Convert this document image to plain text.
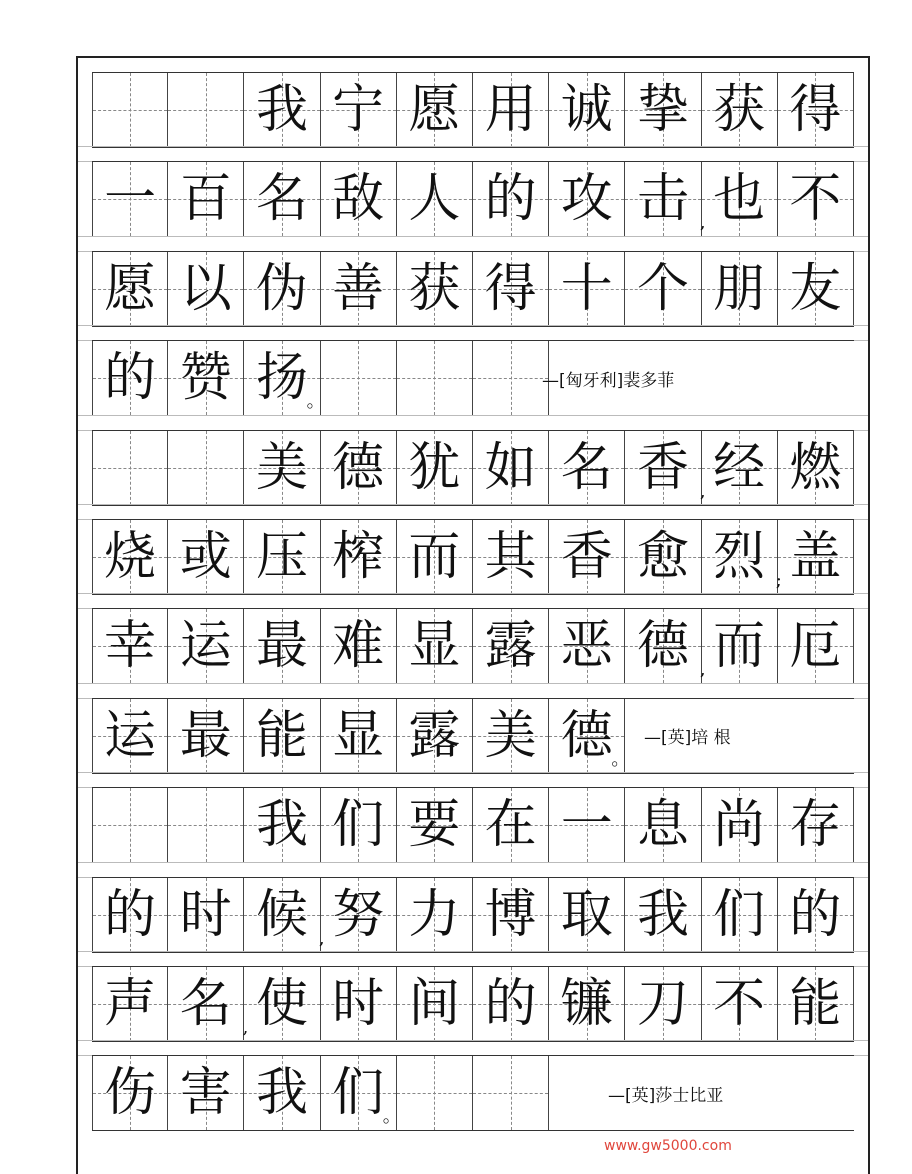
我 宁 愿 用 诚 挚 获 得
一 百 名 敌 人 的 攻 击 , 也 不
愿 以 伪 善 获 得 十 个 朋 友
的 赞 扬
。
—[匈牙利]裴多菲
美 德 犹 如 名 香 , 经 燃
烧 或 压 榨 而 其 香 愈 烈 ; 盖
幸 运 最 难 显 露 恶 德 , 而 厄
运 最 能 显 露 美 德
。
—[英]培 根
我 们 要 在 一 息 尚 存
的 时 候 , 努 力 博 取 我 们 的
声 名 , 使 时 间 的 镰 刀 不 能
伤 害 我 们
。
—[英]莎士比亚
www.gw5000.com
